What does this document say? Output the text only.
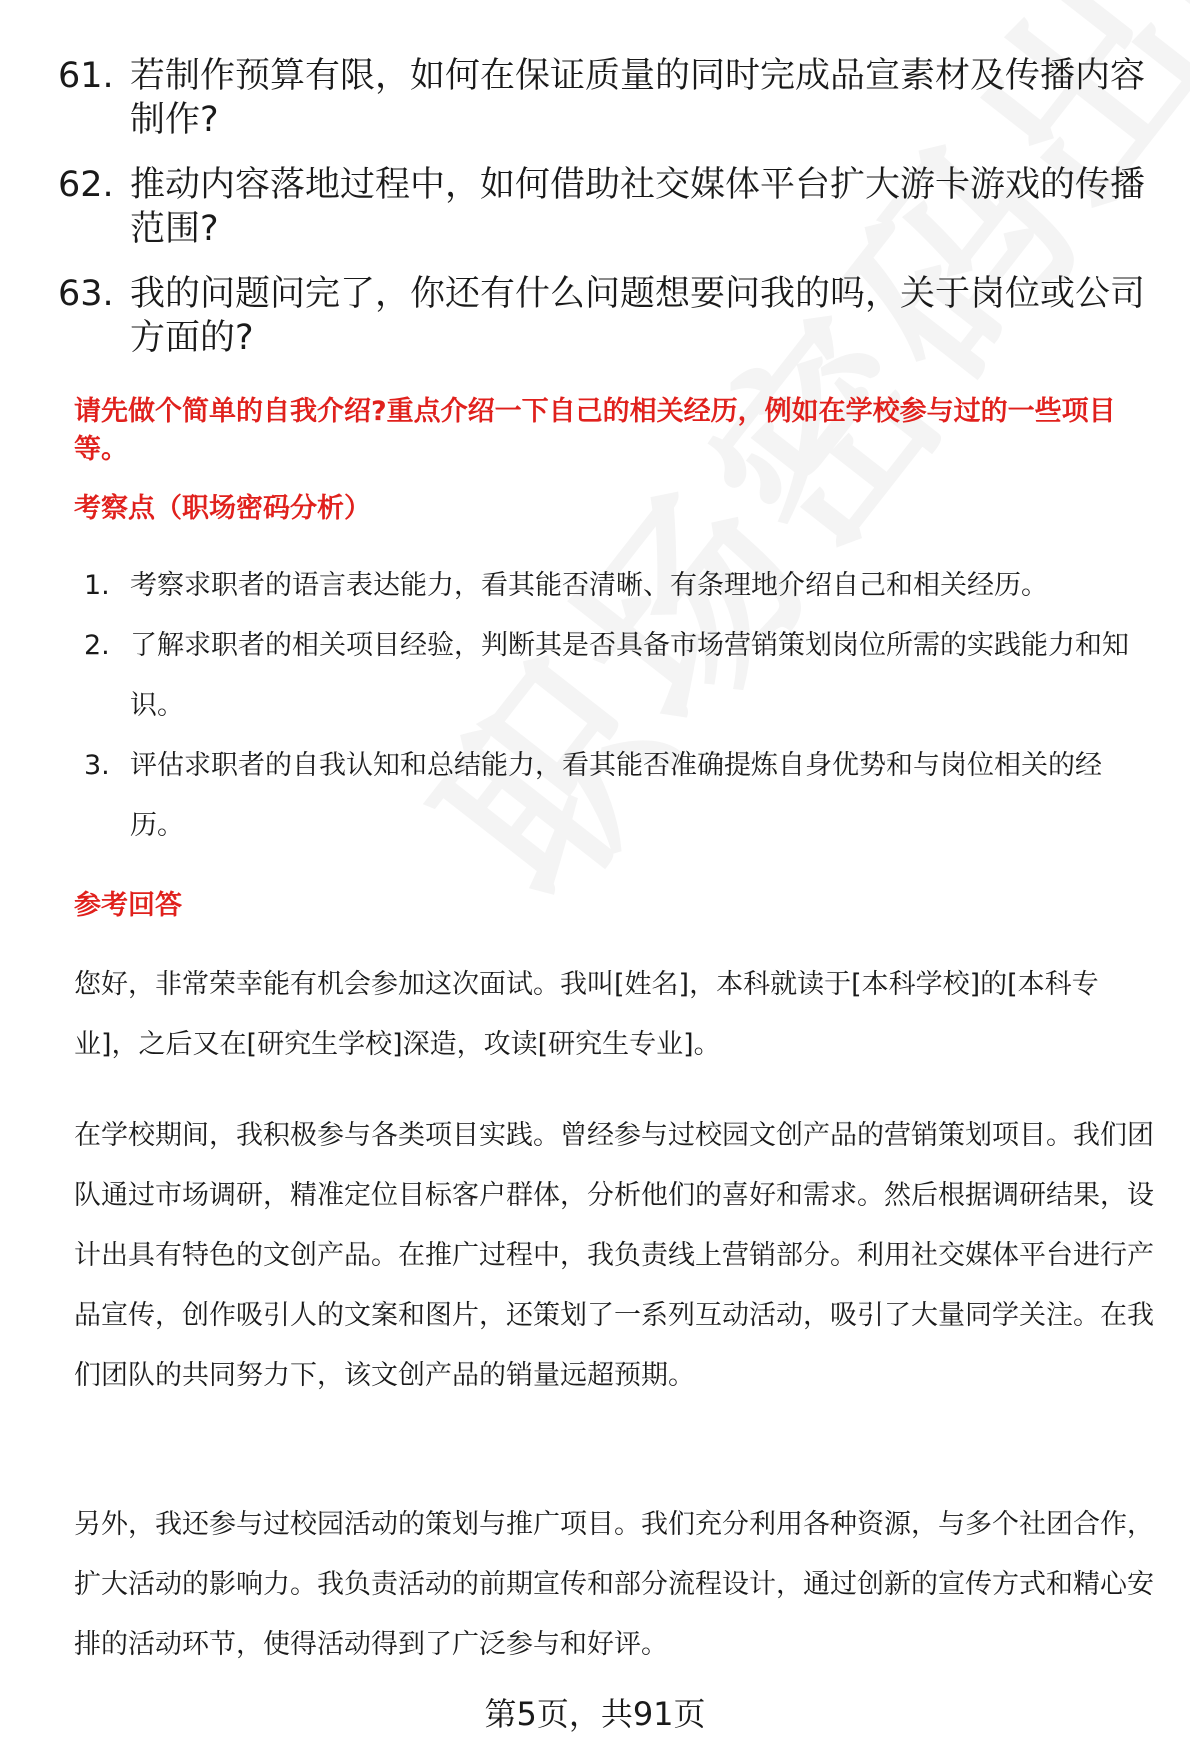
61. 若制作预算有限，如何在保证质量的同时完成品宣素材及传播内容制作?
62. 推动内容落地过程中，如何借助社交媒体平台扩大游卡游戏的传播范围?
63. 我的问题问完了，你还有什么问题想要问我的吗，关于岗位或公司方面的?
请先做个简单的自我介绍?重点介绍一下自己的相关经历，例如在学校参与过的一些项目等。
考察点（职场密码分析）
1. 考察求职者的语言表达能力，看其能否清晰、有条理地介绍自己和相关经历。
2. 了解求职者的相关项目经验，判断其是否具备市场营销策划岗位所需的实践能力和知识。
3. 评估求职者的自我认知和总结能力，看其能否准确提炼自身优势和与岗位相关的经历。
参考回答
您好，非常荣幸能有机会参加这次面试。我叫[姓名]，本科就读于[本科学校]的[本科专业]，之后又在[研究生学校]深造，攻读[研究生专业]。
在学校期间，我积极参与各类项目实践。曾经参与过校园文创产品的营销策划项目。我们团队通过市场调研，精准定位目标客户群体，分析他们的喜好和需求。然后根据调研结果，设计出具有特色的文创产品。在推广过程中，我负责线上营销部分。利用社交媒体平台进行产品宣传，创作吸引人的文案和图片，还策划了一系列互动活动，吸引了大量同学关注。在我们团队的共同努力下，该文创产品的销量远超预期。
另外，我还参与过校园活动的策划与推广项目。我们充分利用各种资源，与多个社团合作，扩大活动的影响力。我负责活动的前期宣传和部分流程设计，通过创新的宣传方式和精心安排的活动环节，使得活动得到了广泛参与和好评。
第5页，共91页
